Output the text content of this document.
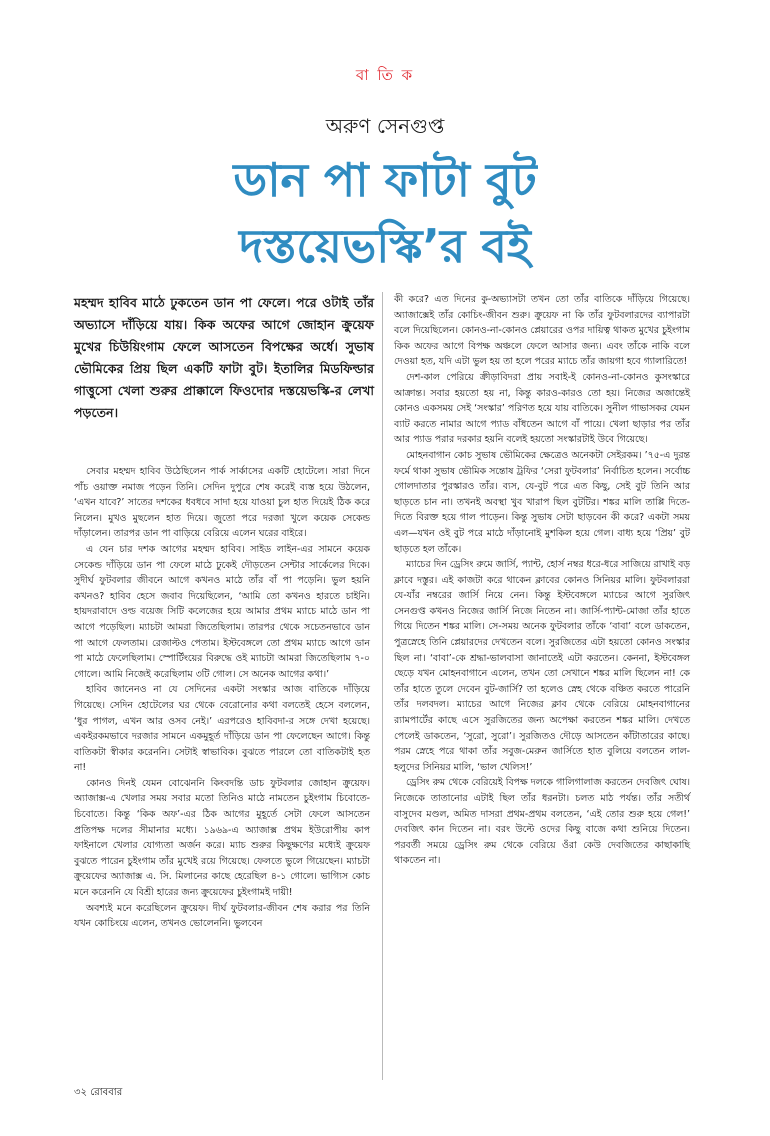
বা তি ক
অরুণ সেনগুপ্ত
ডান পা ফাটা বুট
দস্তয়েভস্কি’র বই
মহম্মদ হাবিব মাঠে ঢুকতেন ডান পা ফেলে। পরে ওটাই তাঁর অভ্যাসে দাঁড়িয়ে যায়। কিক অফের আগে জোহান ক্রুয়েফ মুখের চিউয়িংগাম ফেলে আসতেন বিপক্ষের অর্ধে। সুভাষ ভৌমিকের প্রিয় ছিল একটি ফাটা বুট। ইতালির মিডফিল্ডার গাত্তুসো খেলা শুরুর প্রাক্কালে ফিওদোর দস্তয়েভস্কি-র লেখা পড়তেন।

সেবার মহম্মদ হাবিব উঠেছিলেন পার্ক সার্কাসের একটি হোটেলে। সারা দিনে পাঁচ ওয়াক্ত নমাজ পড়েন তিনি। সেদিন দুপুরে শেষ করেই ব্যস্ত হয়ে উঠলেন, ‘এখন যাবে?’ সাতের দশকের ধবধবে সাদা হয়ে যাওয়া চুল হাত দিয়েই ঠিক করে নিলেন। মুখও মুছলেন হাত দিয়ে। জুতো পরে দরজা খুলে কয়েক সেকেন্ড দাঁড়ালেন। তারপর ডান পা বাড়িয়ে বেরিয়ে এলেন ঘরের বাইরে।

এ যেন চার দশক আগের মহম্মদ হাবিব। সাইড লাইন-এর সামনে কয়েক সেকেন্ড দাঁড়িয়ে ডান পা ফেলে মাঠে ঢুকেই দৌড়তেন সেন্টার সার্কেলের দিকে। সুদীর্ঘ ফুটবলার জীবনে আগে কখনও মাঠে তাঁর বাঁ পা পড়েনি। ভুল হয়নি কখনও? হাবিব হেসে জবাব দিয়েছিলেন, ‘আমি তো কখনও হারতে চাইনি। হায়দরাবাদে ওল্ড বয়েজ সিটি কলেজের হয়ে আমার প্রথম ম্যাচে মাঠে ডান পা আগে পড়েছিল। ম্যাচটা আমরা জিতেছিলাম। তারপর থেকে সচেতনভাবে ডান পা আগে ফেলতাম। রেজাল্টও পেতাম। ইস্টবেঙ্গলে তো প্রথম ম্যাচে আগে ডান পা মাঠে ফেলেছিলাম। স্পোর্টিংয়ের বিরুদ্ধে ওই ম্যাচটা আমরা জিতেছিলাম ৭-০ গোলে। আমি নিজেই করেছিলাম ৩টি গোল। সে অনেক আগের কথা।’

হাবিব জানেনও না যে সেদিনের একটা সংস্কার আজ বাতিকে দাঁড়িয়ে গিয়েছে। সেদিন হোটেলের ঘর থেকে বেরোনোর কথা বলতেই হেসে বললেন, ‘ধুর পাগল, এখন আর ওসব নেই।’ এরপরেও হাবিবদা-র সঙ্গে দেখা হয়েছে। একইরকমভাবে দরজার সামনে একমুহূর্ত দাঁড়িয়ে ডান পা ফেলেছেন আগে। কিন্তু বাতিকটা স্বীকার করেননি। সেটাই স্বাভাবিক। বুঝতে পারলে তো বাতিকটাই হত না!

কোনও দিনই যেমন বোঝেননি কিংবদন্তি ডাচ ফুটবলার জোহান ক্রুয়েফ। অ্যাজাক্স-এ খেলার সময় সবার মতো তিনিও মাঠে নামতেন চুইংগাম চিবোতে-চিবোতে। কিন্তু ‘কিক অফ’-এর ঠিক আগের মুহূর্তে সেটা ফেলে আসতেন প্রতিপক্ষ দলের সীমানার মধ্যে। ১৯৬৯-এ অ্যাজাক্স প্রথম ইউরোপীয় কাপ ফাইনালে খেলার যোগ্যতা অর্জন করে। ম্যাচ শুরুর কিছুক্ষণের মধ্যেই ক্রুয়েফ বুঝতে পারেন চুইংগাম তাঁর মুখেই রয়ে গিয়েছে। ফেলতে ভুলে গিয়েছেন। ম্যাচটা ক্রুয়েফের অ্যাজাক্স এ. সি. মিলানের কাছে হেরেছিল ৪-১ গোলে। ভাগ্যিস কোচ মনে করেননি যে বিশ্রী হারের জন্য ক্রুয়েফের চুইংগামই দায়ী!

অবশ্যই মনে করেছিলেন ক্রুয়েফ। দীর্ঘ ফুটবলার-জীবন শেষ করার পর তিনি যখন কোচিংয়ে এলেন, তখনও ভোলেননি। ভুলবেন

কী করে? এত দিনের কু-অভ্যাসটা তখন তো তাঁর বাতিকে দাঁড়িয়ে গিয়েছে। অ্যাজাক্সেই তাঁর কোচিং-জীবন শুরু। ক্রুয়েফ না কি তাঁর ফুটবলারদের ব্যাপারটা বলে দিয়েছিলেন। কোনও-না-কোনও প্লেয়ারের ওপর দায়িত্ব থাকত মুখের চুইংগাম কিক অফের আগে বিপক্ষ অঞ্চলে ফেলে আসার জন্য। এবং তাঁকে নাকি বলে দেওয়া হত, যদি এটা ভুল হয় তা হলে পরের ম্যাচে তাঁর জায়গা হবে গ্যালারিতে!

দেশ-কাল পেরিয়ে ক্রীড়াবিদরা প্রায় সবাই-ই কোনও-না-কোনও কুসংস্কারে আক্রান্ত। সবার হয়তো হয় না, কিন্তু কারও-কারও তো হয়। নিজের অজান্তেই কোনও একসময় সেই ‘সংস্কার’ পরিণত হয়ে যায় বাতিকে। সুনীল গাভাসকর যেমন ব্যাট করতে নামার আগে প্যাড বাঁধতেন আগে বাঁ পায়ে। খেলা ছাড়ার পর তাঁর আর প্যাড পরার দরকার হয়নি বলেই হয়তো সংস্কারটাই উবে গিয়েছে।

মোহনবাগান কোচ সুভাষ ভৌমিকের ক্ষেত্রেও অনেকটা সেইরকম। ’৭৫-এ দুরন্ত ফর্মে থাকা সুভাষ ভৌমিক সন্তোষ ট্রফির ‘সেরা ফুটবলার’ নির্বাচিত হলেন। সর্বোচ্চ গোলদাতার পুরস্কারও তাঁর। ব্যস, যে-বুট পরে এত কিছু, সেই বুট তিনি আর ছাড়তে চান না। তখনই অবস্থা খুব খারাপ ছিল বুটটির। শঙ্কর মালি তাপ্পি দিতে-দিতে বিরক্ত হয়ে গাল পাড়েন। কিন্তু সুভাষ সেটা ছাড়বেন কী করে? একটা সময় এল—যখন ওই বুট পরে মাঠে দাঁড়ানোই মুশকিল হয়ে গেল। বাধ্য হয়ে ‘প্রিয়’ বুট ছাড়তে হল তাঁকে।

ম্যাচের দিন ড্রেসিং রুমে জার্সি, প্যান্ট, হোর্স নম্বর ধরে-ধরে সাজিয়ে রাখাই বড় ক্লাবে দস্তুর। এই কাজটা করে থাকেন ক্লাবের কোনও সিনিয়র মালি। ফুটবলাররা যে-যাঁর নম্বরের জার্সি নিয়ে নেন। কিন্তু ইস্টবেঙ্গলে ম্যাচের আগে সুরজিৎ সেনগুপ্ত কখনও নিজের জার্সি নিজে নিতেন না। জার্সি-প্যান্ট-মোজা তাঁর হাতে গিয়ে দিতেন শঙ্কর মালি। সে-সময় অনেক ফুটবলার তাঁকে ‘বাবা’ বলে ডাকতেন, পুত্রস্নেহে তিনি প্লেয়ারদের দেখতেন বলে। সুরজিতের এটা হয়তো কোনও সংস্কার ছিল না। ‘বাবা’-কে শ্রদ্ধা-ভালবাসা জানাতেই এটা করতেন। কেননা, ইস্টবেঙ্গল ছেড়ে যখন মোহনবাগানে এলেন, তখন তো সেখানে শঙ্কর মালি ছিলেন না! কে তাঁর হাতে তুলে দেবেন বুট-জার্সি? তা হলেও স্নেহ থেকে বঞ্চিত করতে পারেনি তাঁর দলবদল। ম্যাচের আগে নিজের ক্লাব থেকে বেরিয়ে মোহনবাগানের র‍্যামপার্টের কাছে এসে সুরজিতের জন্য অপেক্ষা করতেন শঙ্কর মালি। দেখতে পেলেই ডাকতেন, ‘সুরো, সুরো’। সুরজিতও দৌড়ে আসতেন কাঁটাতারের কাছে। পরম স্নেহে পরে থাকা তাঁর সবুজ-মেরুন জার্সিতে হাত বুলিয়ে বলতেন লাল-হলুদের সিনিয়র মালি, ‘ভাল খেলিস!’

ড্রেসিং রুম থেকে বেরিয়েই বিপক্ষ দলকে গালিগালাজ করতেন দেবজিৎ ঘোষ। নিজেকে তাতানোর এটাই ছিল তাঁর ধরনটা। চলত মাঠ পর্যন্ত। তাঁর সতীর্থ বাসুদেব মণ্ডল, অমিত দাসরা প্রথম-প্রথম বলতেন, ‘এই তোর শুরু হয়ে গেল!’ দেবজিৎ কান দিতেন না। বরং উল্টে ওদের কিছু বাজে কথা শুনিয়ে দিতেন। পরবর্তী সময়ে ড্রেসিং রুম থেকে বেরিয়ে ওঁরা কেউ দেবজিতের কাছাকাছি থাকতেন না।

৩২ রোববার
